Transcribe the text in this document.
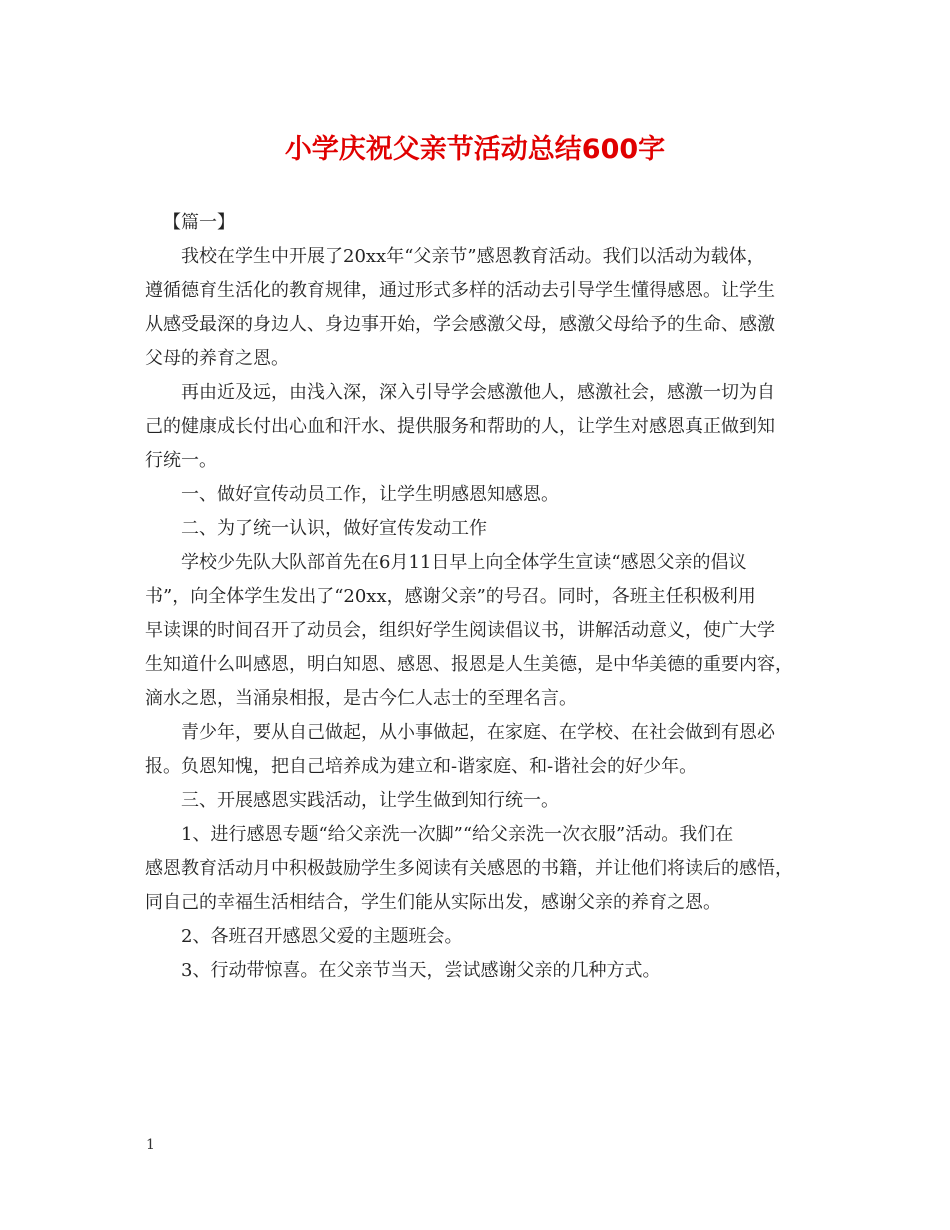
小学庆祝父亲节活动总结600字
【篇一】
我校在学生中开展了20xx年“父亲节”感恩教育活动。我们以活动为载体，
遵循德育生活化的教育规律，通过形式多样的活动去引导学生懂得感恩。让学生
从感受最深的身边人、身边事开始，学会感激父母，感激父母给予的生命、感激
父母的养育之恩。
再由近及远，由浅入深，深入引导学会感激他人，感激社会，感激一切为自
己的健康成长付出心血和汗水、提供服务和帮助的人，让学生对感恩真正做到知
行统一。
一、做好宣传动员工作，让学生明感恩知感恩。
二、为了统一认识，做好宣传发动工作
学校少先队大队部首先在6月11日早上向全体学生宣读“感恩父亲的倡议
书”，向全体学生发出了“20xx，感谢父亲”的号召。同时，各班主任积极利用
早读课的时间召开了动员会，组织好学生阅读倡议书，讲解活动意义，使广大学
生知道什么叫感恩，明白知恩、感恩、报恩是人生美德，是中华美德的重要内容，
滴水之恩，当涌泉相报，是古今仁人志士的至理名言。
青少年，要从自己做起，从小事做起，在家庭、在学校、在社会做到有恩必
报。负恩知愧，把自己培养成为建立和-谐家庭、和-谐社会的好少年。
三、开展感恩实践活动，让学生做到知行统一。
1、进行感恩专题“给父亲洗一次脚”“给父亲洗一次衣服”活动。我们在
感恩教育活动月中积极鼓励学生多阅读有关感恩的书籍，并让他们将读后的感悟，
同自己的幸福生活相结合，学生们能从实际出发，感谢父亲的养育之恩。
2、各班召开感恩父爱的主题班会。
3、行动带惊喜。在父亲节当天，尝试感谢父亲的几种方式。
1
